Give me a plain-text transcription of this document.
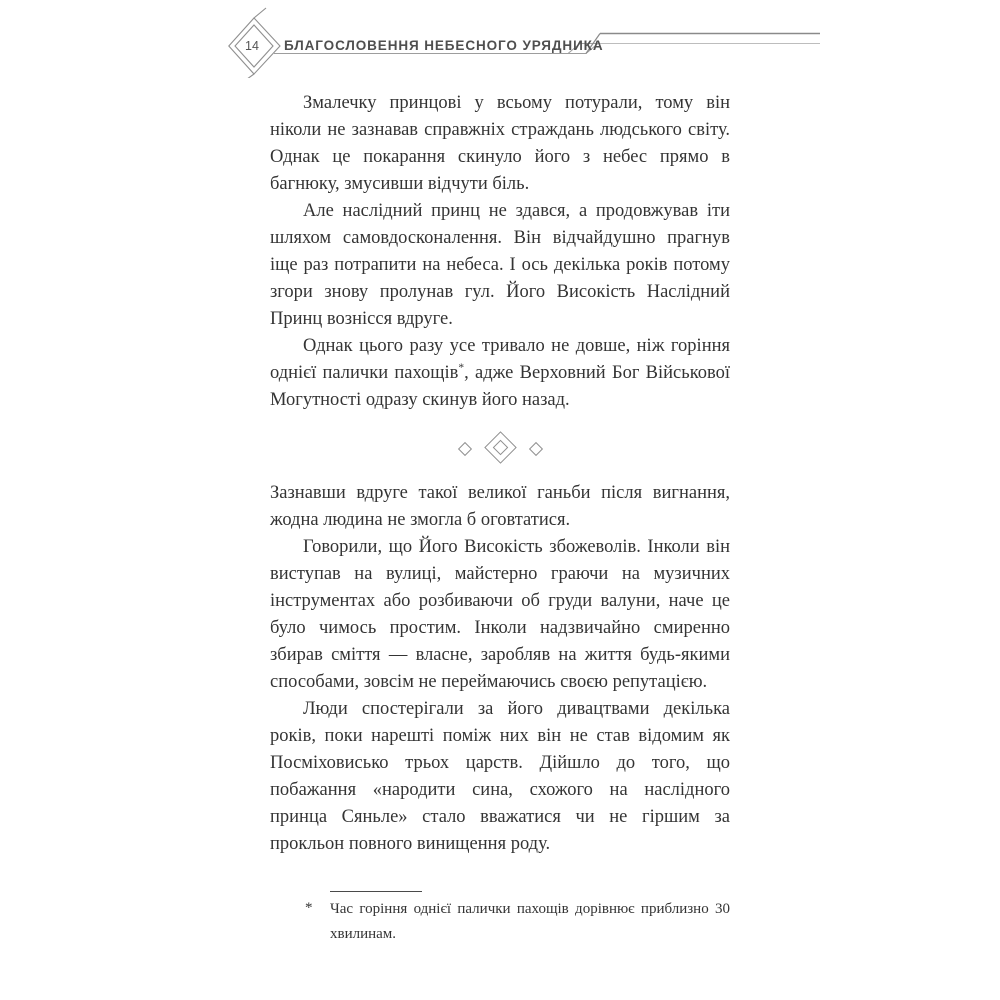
14	БЛАГОСЛОВЕННЯ НЕБЕСНОГО УРЯДНИКА

Змалечку принцові у всьому потурали, тому він ніколи не зазнавав справжніх страждань людського світу. Однак це покарання скинуло його з небес прямо в багнюку, змусивши відчути біль.

Але наслідний принц не здався, а продовжував іти шляхом самовдосконалення. Він відчайдушно прагнув іще раз потрапити на небеса. І ось декілька років потому згори знову пролунав гул. Його Високість Наслідний Принц вознісся вдруге.

Однак цього разу усе тривало не довше, ніж горіння однієї палички пахощів*, адже Верховний Бог Військової Могутності одразу скинув його назад.

Зазнавши вдруге такої великої ганьби після вигнання, жодна людина не змогла б оговтатися.

Говорили, що Його Високість збожеволів. Інколи він виступав на вулиці, майстерно граючи на музичних інструментах або розбиваючи об груди валуни, наче це було чимось простим. Інколи надзвичайно смиренно збирав сміття — власне, заробляв на життя будь-якими способами, зовсім не переймаючись своєю репутацією.

Люди спостерігали за його дивацтвами декілька років, поки нарешті поміж них він не став відомим як Посміховисько трьох царств. Дійшло до того, що побажання «народити сина, схожого на наслідного принца Сяньле» стало вважатися чи не гіршим за прокльон повного винищення роду.

* Час горіння однієї палички пахощів дорівнює приблизно 30 хвилинам.
